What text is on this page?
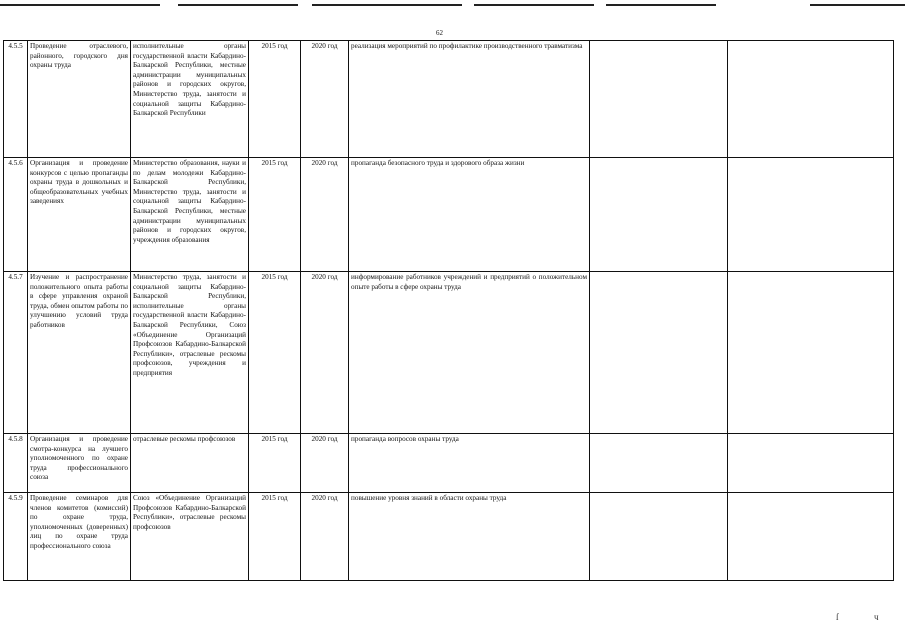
62
4.5.5	Проведение отраслевого, районного, городского дня охраны труда	исполнительные органы государственной власти Кабардино-Балкарской Республики, местные администрации муниципальных районов и городских округов, Министерство труда, занятости и социальной защиты Кабардино-Балкарской Республики	2015 год	2020 год	реализация мероприятий по профилактике производственного травматизма		
4.5.6	Организация и проведение конкурсов с целью пропаганды охраны труда в дошкольных и общеобразовательных учебных заведениях	Министерство образования, науки и по делам молодежи Кабардино-Балкарской Республики, Министерство труда, занятости и социальной защиты Кабардино-Балкарской Республики, местные администрации муниципальных районов и городских округов, учреждения образования	2015 год	2020 год	пропаганда безопасного труда и здорового образа жизни		
4.5.7	Изучение и распространение положительного опыта работы в сфере управления охраной труда, обмен опытом работы по улучшению условий труда работников	Министерство труда, занятости и социальной защиты Кабардино-Балкарской Республики, исполнительные органы государственной власти Кабардино-Балкарской Республики, Союз «Объединение Организаций Профсоюзов Кабардино-Балкарской Республики», отраслевые рескомы профсоюзов, учреждения и предприятия	2015 год	2020 год	информирование работников учреждений и предприятий о положительном опыте работы в сфере охраны труда		
4.5.8	Организация и проведение смотра-конкурса на лучшего уполномоченного по охране труда профессионального союза	отраслевые рескомы профсоюзов	2015 год	2020 год	пропаганда вопросов охраны труда		
4.5.9	Проведение семинаров для членов комитетов (комиссий) по охране труда, уполномоченных (доверенных) лиц по охране труда профессионального союза	Союз «Объединение Организаций Профсоюзов Кабардино-Балкарской Республики», отраслевые рескомы профсоюзов	2015 год	2020 год	повышение уровня знаний в области охраны труда		
ſ	ч
